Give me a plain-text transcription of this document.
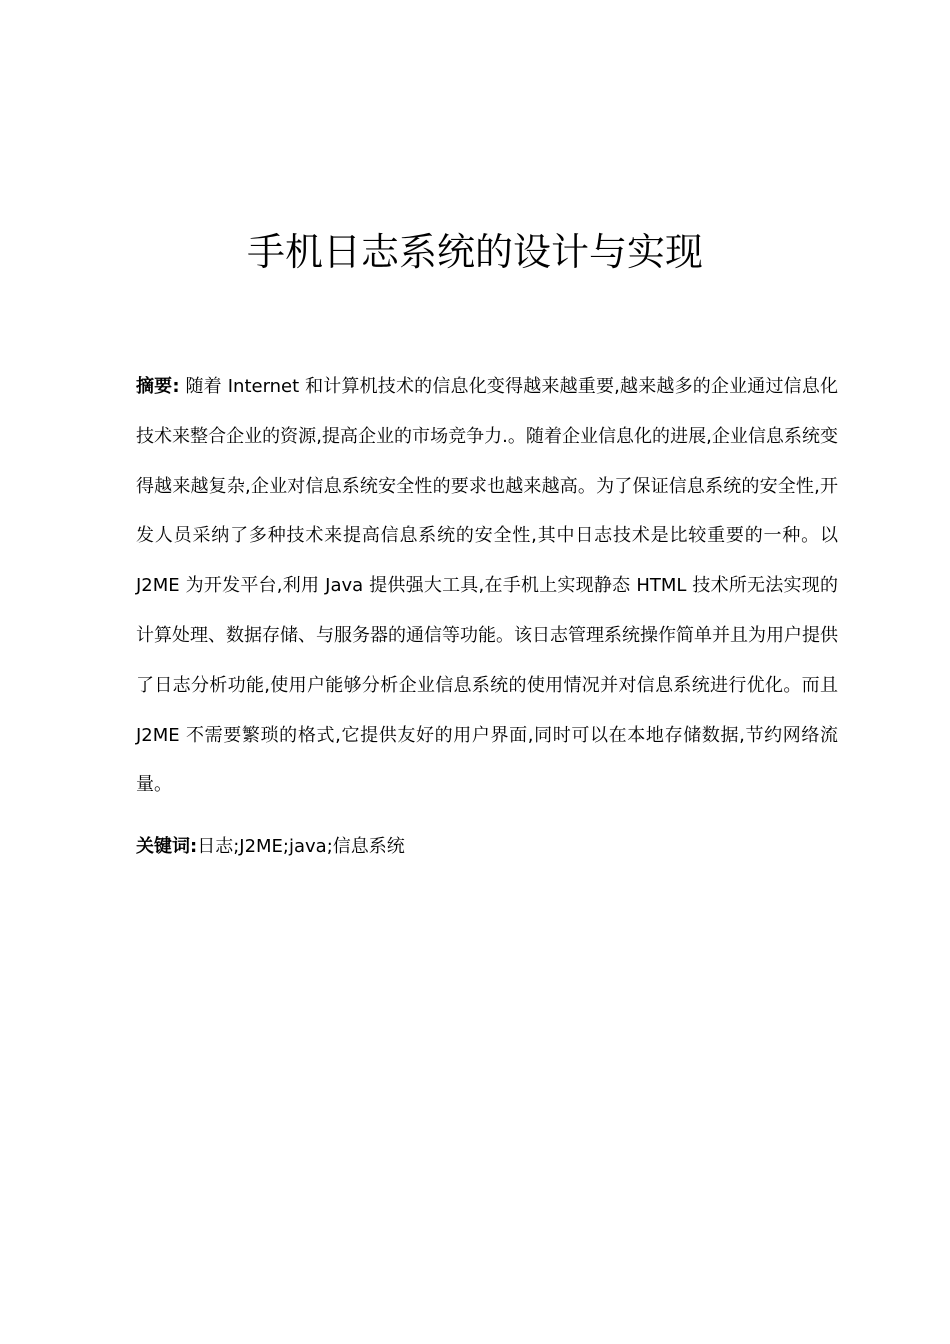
手机日志系统的设计与实现

摘要: 随着 Internet 和计算机技术的信息化变得越来越重要,越来越多的企业通过信息化技术来整合企业的资源,提高企业的市场竞争力.。随着企业信息化的进展,企业信息系统变得越来越复杂,企业对信息系统安全性的要求也越来越高。为了保证信息系统的安全性,开发人员采纳了多种技术来提高信息系统的安全性,其中日志技术是比较重要的一种。以 J2ME 为开发平台,利用 Java 提供强大工具,在手机上实现静态 HTML 技术所无法实现的计算处理、数据存储、与服务器的通信等功能。该日志管理系统操作简单并且为用户提供了日志分析功能,使用户能够分析企业信息系统的使用情况并对信息系统进行优化。而且 J2ME 不需要繁琐的格式,它提供友好的用户界面,同时可以在本地存储数据,节约网络流量。

关键词:日志;J2ME;java;信息系统
